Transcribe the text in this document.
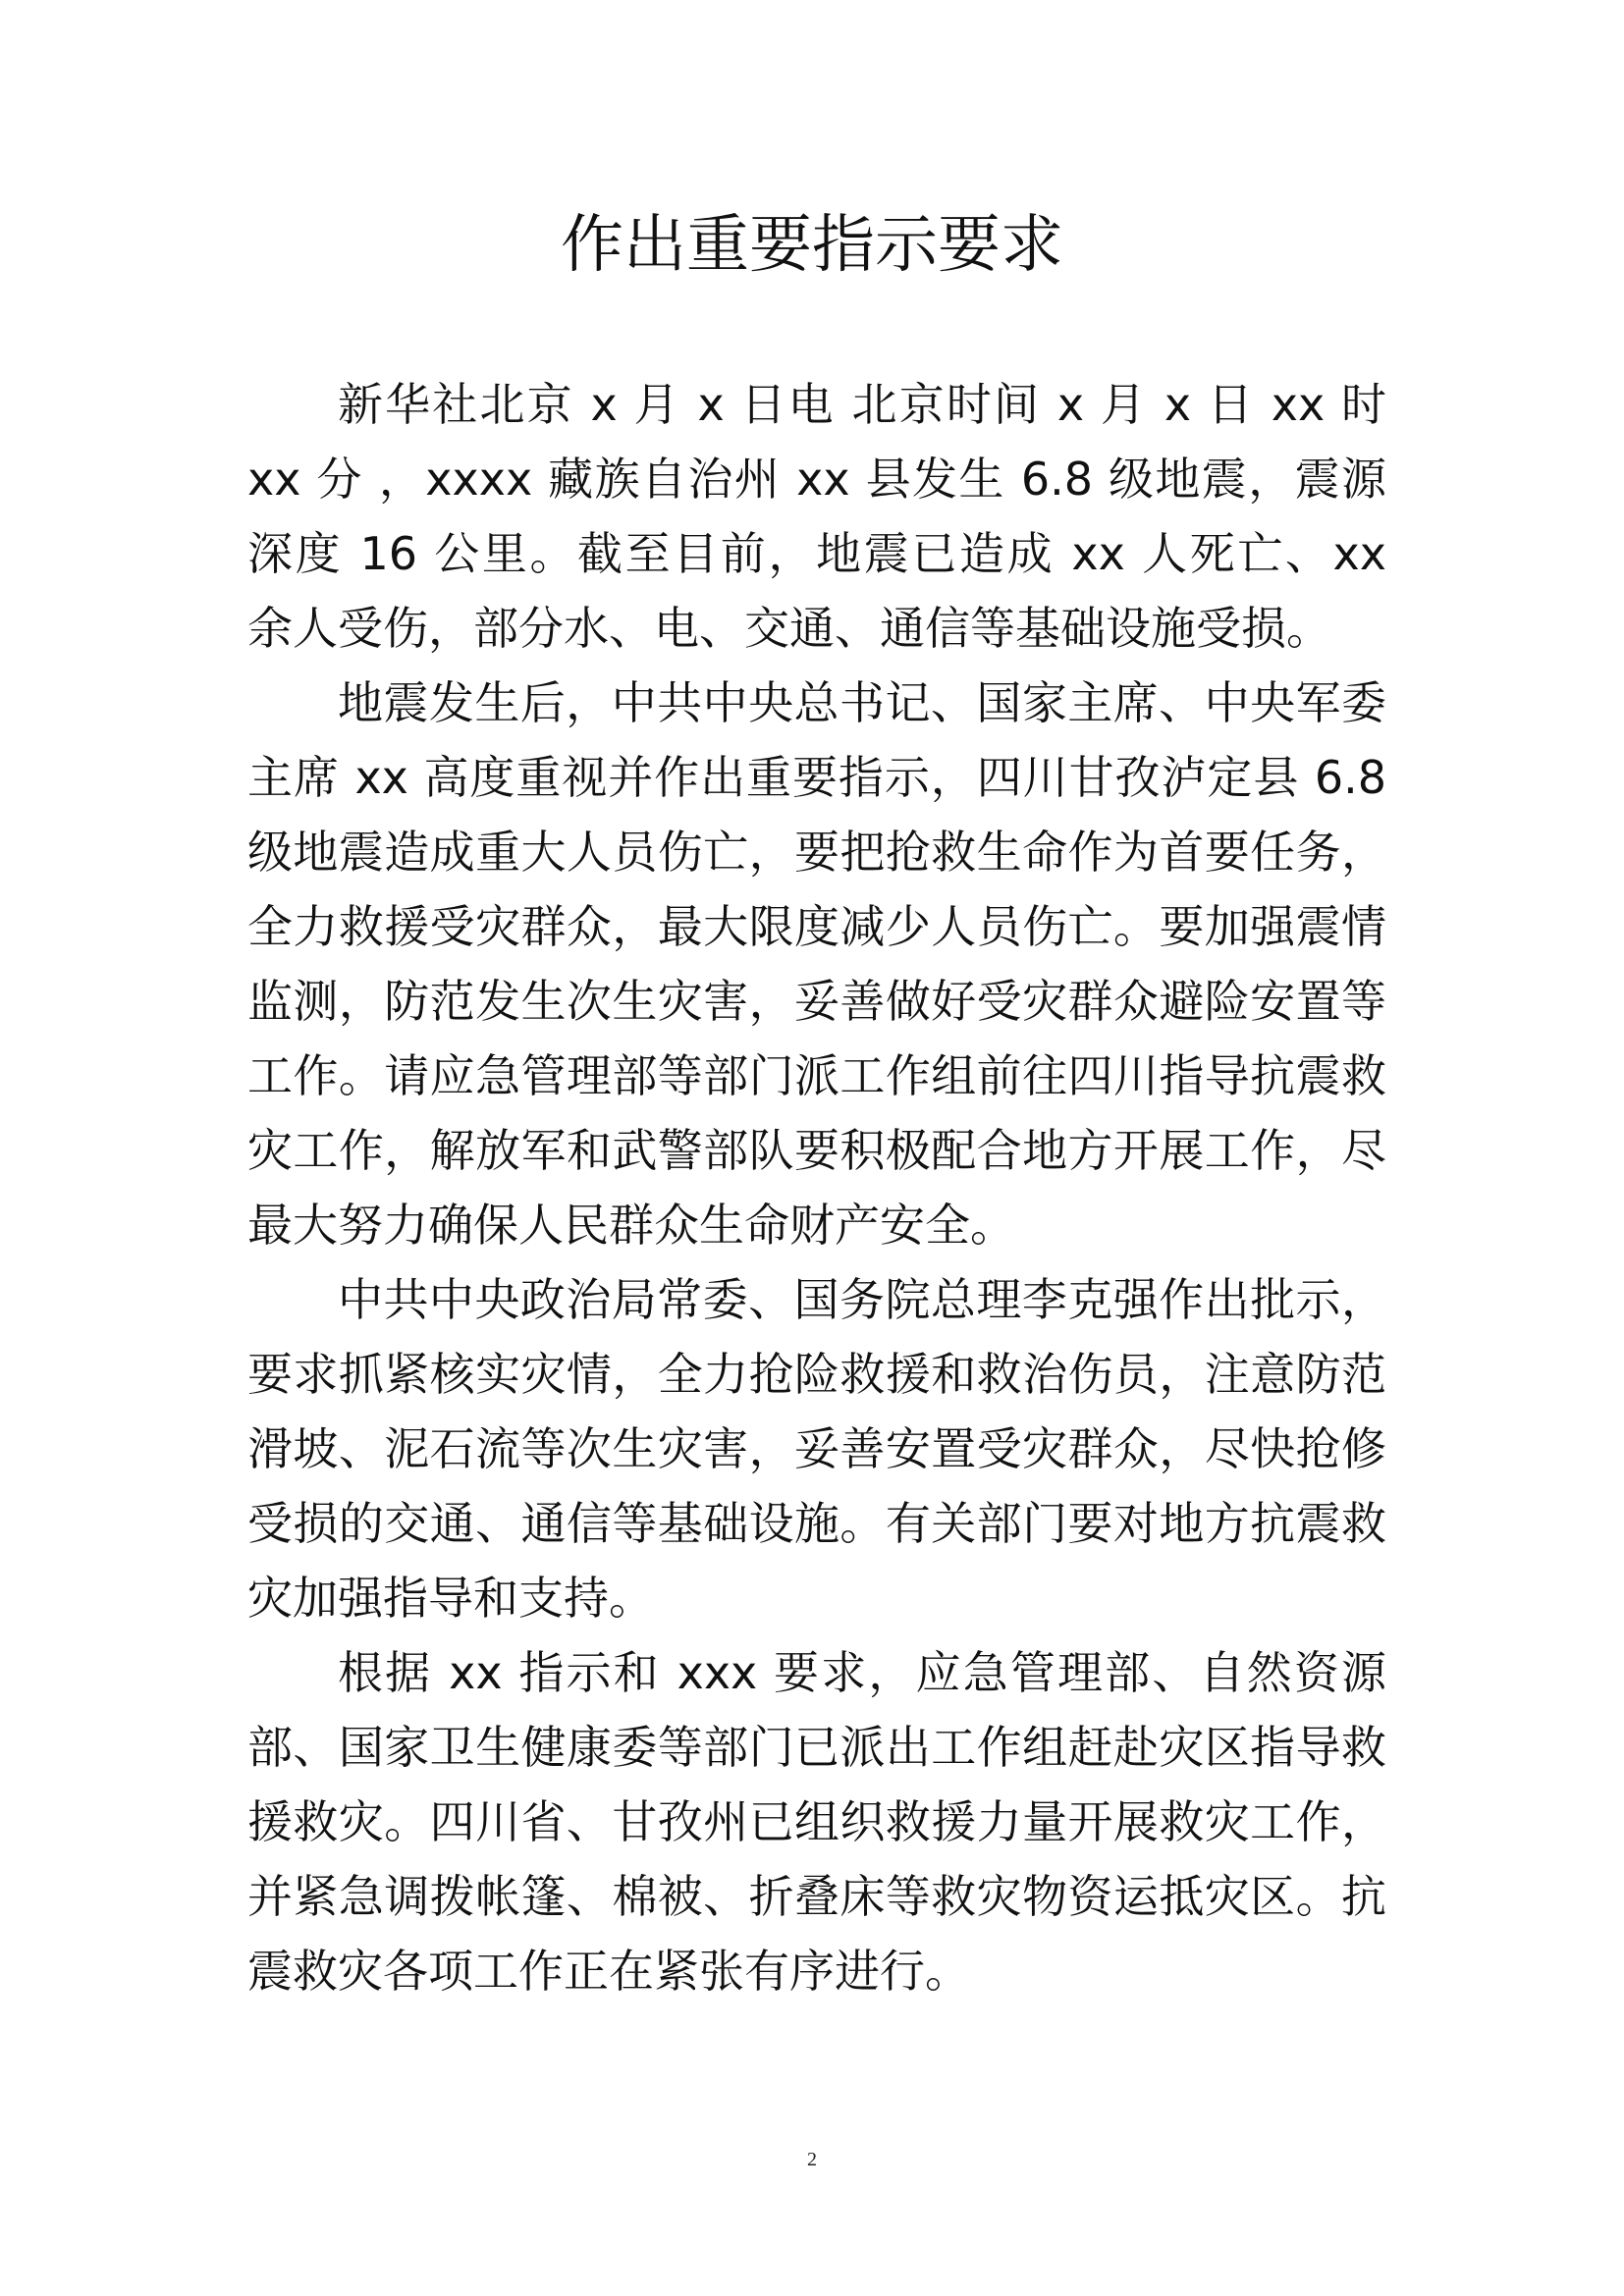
作出重要指示要求

新华社北京 x 月 x 日电 北京时间 x 月 x 日 xx 时 xx 分 ，xxxx 藏族自治州 xx 县发生 6.8 级地震，震源深度 16 公里。截至目前，地震已造成 xx 人死亡、xx 余人受伤，部分水、电、交通、通信等基础设施受损。

地震发生后，中共中央总书记、国家主席、中央军委主席 xx 高度重视并作出重要指示，四川甘孜泸定县 6.8 级地震造成重大人员伤亡，要把抢救生命作为首要任务，全力救援受灾群众，最大限度减少人员伤亡。要加强震情监测，防范发生次生灾害，妥善做好受灾群众避险安置等工作。请应急管理部等部门派工作组前往四川指导抗震救灾工作，解放军和武警部队要积极配合地方开展工作，尽最大努力确保人民群众生命财产安全。

中共中央政治局常委、国务院总理李克强作出批示，要求抓紧核实灾情，全力抢险救援和救治伤员，注意防范滑坡、泥石流等次生灾害，妥善安置受灾群众，尽快抢修受损的交通、通信等基础设施。有关部门要对地方抗震救灾加强指导和支持。

根据 xx 指示和 xxx 要求，应急管理部、自然资源部、国家卫生健康委等部门已派出工作组赶赴灾区指导救援救灾。四川省、甘孜州已组织救援力量开展救灾工作，并紧急调拨帐篷、棉被、折叠床等救灾物资运抵灾区。抗震救灾各项工作正在紧张有序进行。

2
